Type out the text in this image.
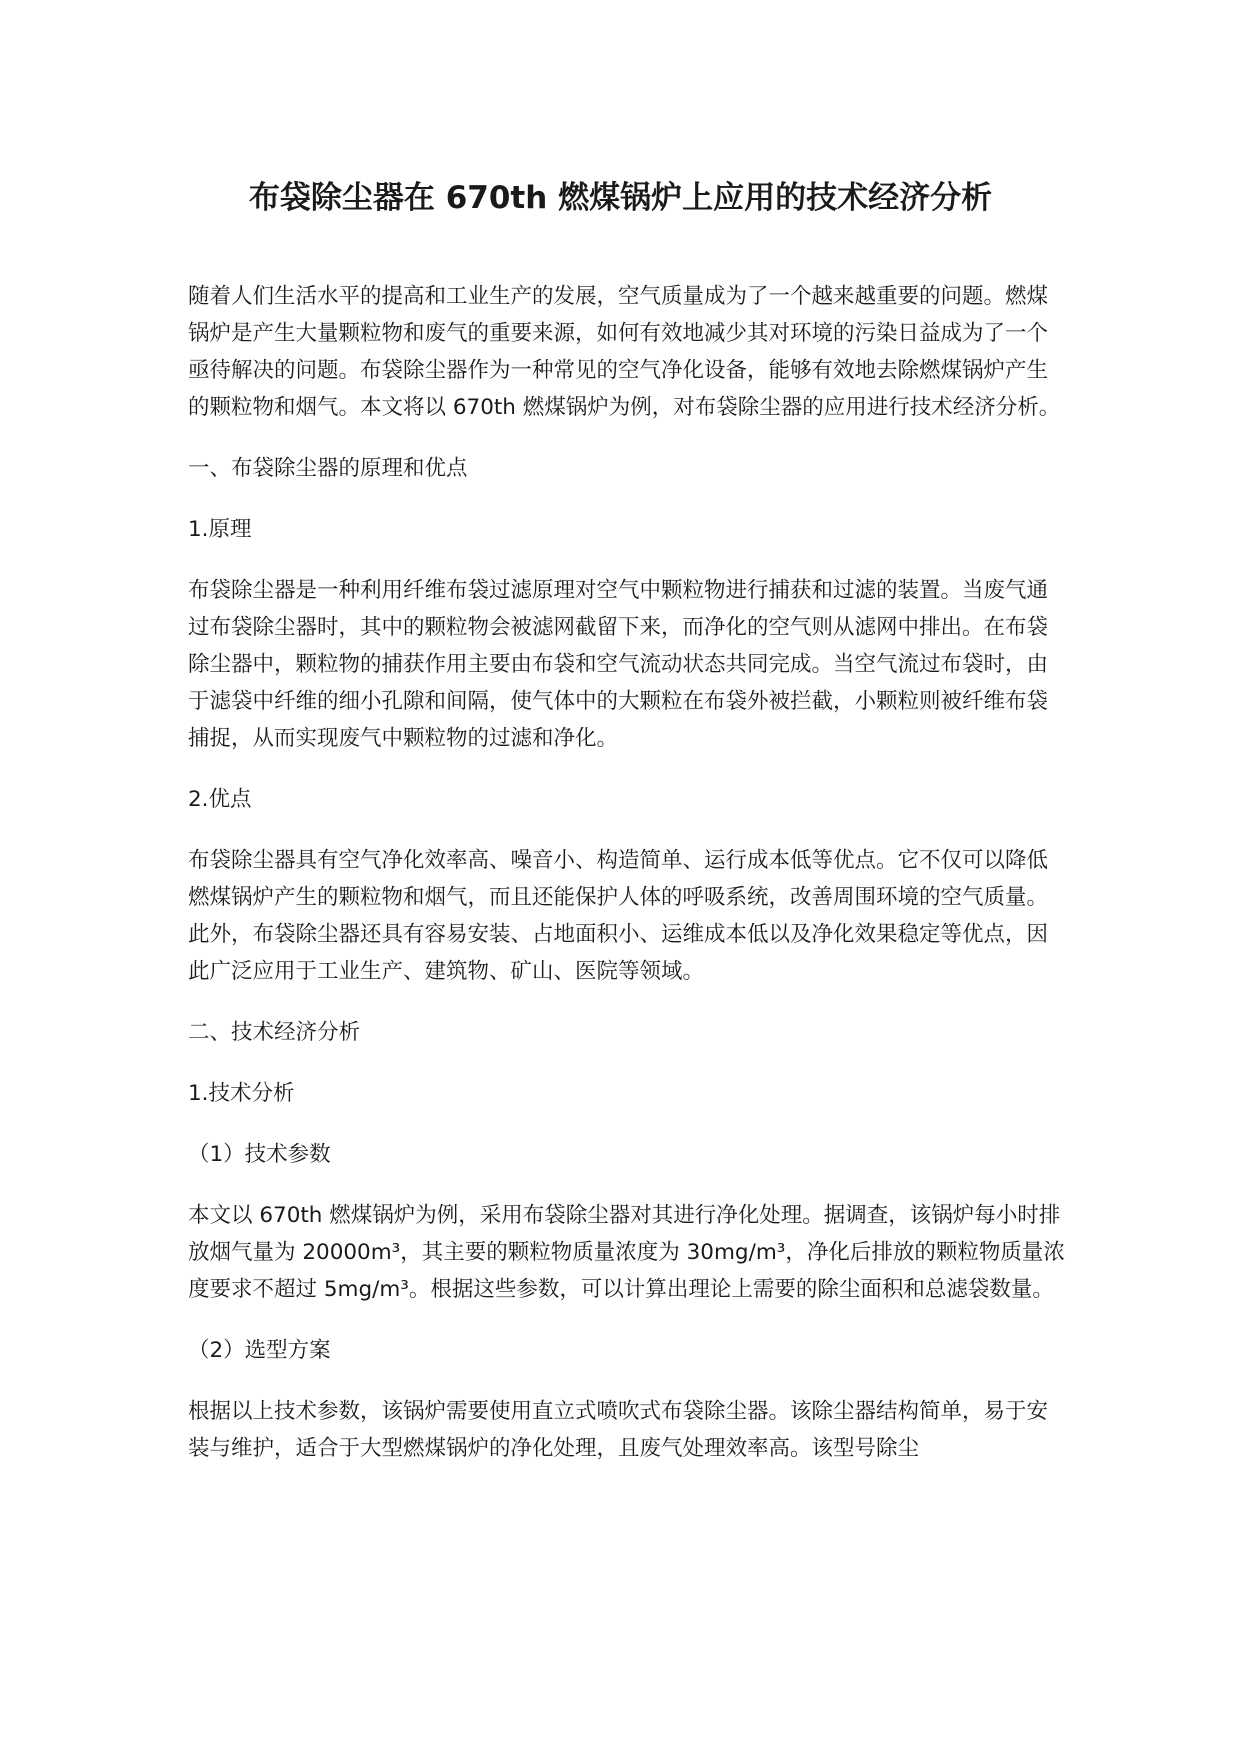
布袋除尘器在 670th 燃煤锅炉上应用的技术经济分析

随着人们生活水平的提高和工业生产的发展，空气质量成为了一个越来越重要的问题。燃煤锅炉是产生大量颗粒物和废气的重要来源，如何有效地减少其对环境的污染日益成为了一个亟待解决的问题。布袋除尘器作为一种常见的空气净化设备，能够有效地去除燃煤锅炉产生的颗粒物和烟气。本文将以 670th 燃煤锅炉为例，对布袋除尘器的应用进行技术经济分析。

一、布袋除尘器的原理和优点
1.原理

布袋除尘器是一种利用纤维布袋过滤原理对空气中颗粒物进行捕获和过滤的装置。当废气通过布袋除尘器时，其中的颗粒物会被滤网截留下来，而净化的空气则从滤网中排出。在布袋除尘器中，颗粒物的捕获作用主要由布袋和空气流动状态共同完成。当空气流过布袋时，由于滤袋中纤维的细小孔隙和间隔，使气体中的大颗粒在布袋外被拦截，小颗粒则被纤维布袋捕捉，从而实现废气中颗粒物的过滤和净化。

2.优点

布袋除尘器具有空气净化效率高、噪音小、构造简单、运行成本低等优点。它不仅可以降低燃煤锅炉产生的颗粒物和烟气，而且还能保护人体的呼吸系统，改善周围环境的空气质量。此外，布袋除尘器还具有容易安装、占地面积小、运维成本低以及净化效果稳定等优点，因此广泛应用于工业生产、建筑物、矿山、医院等领域。

二、技术经济分析
1.技术分析
（1）技术参数

本文以 670th 燃煤锅炉为例，采用布袋除尘器对其进行净化处理。据调查，该锅炉每小时排放烟气量为 20000m³，其主要的颗粒物质量浓度为 30mg/m³，净化后排放的颗粒物质量浓度要求不超过 5mg/m³。根据这些参数，可以计算出理论上需要的除尘面积和总滤袋数量。

（2）选型方案

根据以上技术参数，该锅炉需要使用直立式喷吹式布袋除尘器。该除尘器结构简单，易于安装与维护，适合于大型燃煤锅炉的净化处理，且废气处理效率高。该型号除尘
